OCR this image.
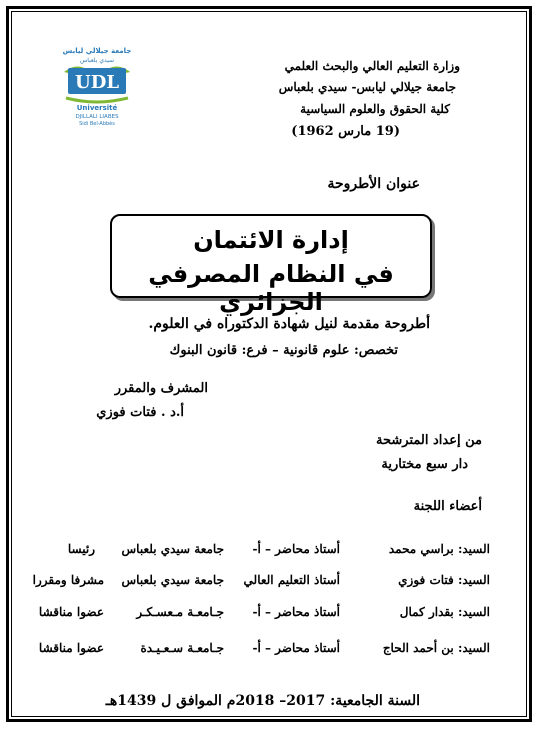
وزارة التعليم العالي والبحث العلمي
جامعة جيلالي ليابس- سيدي بلعباس
كلية الحقوق والعلوم السياسية
(19 مارس 1962)
جامعة جيلالي ليابس
سيدي بلعباس
UDL
Université
DJILLALI LIABES
Sidi Bel-Abbès
عنوان الأطروحة
إدارة الائتمان
في النظام المصرفي الجزائري
أطروحة مقدمة لنيل شهادة الدكتوراه في العلوم.
تخصص: علوم قانونية – فرع: قانون البنوك
المشرف والمقرر
أ.د . فتات فوزي
من إعداد المترشحة
دار سبع مختارية
أعضاء اللجنة
السيد: براسي محمد
أستاذ محاضر – أ-
جامعة سيدي بلعباس
رئيسا
السيد: فتات فوزي
أستاذ التعليم العالي
جامعة سيدي بلعباس
مشرفا ومقررا
السيد: بقدار كمال
أستاذ محاضر – أ-
جـامعـة مـعسـكـر
عضوا مناقشا
السيد: بن أحمد الحاج
أستاذ محاضر – أ-
جـامعـة سـعـيـدة
عضوا مناقشا
السنة الجامعية: 2017– 2018م الموافق ل 1439هـ
